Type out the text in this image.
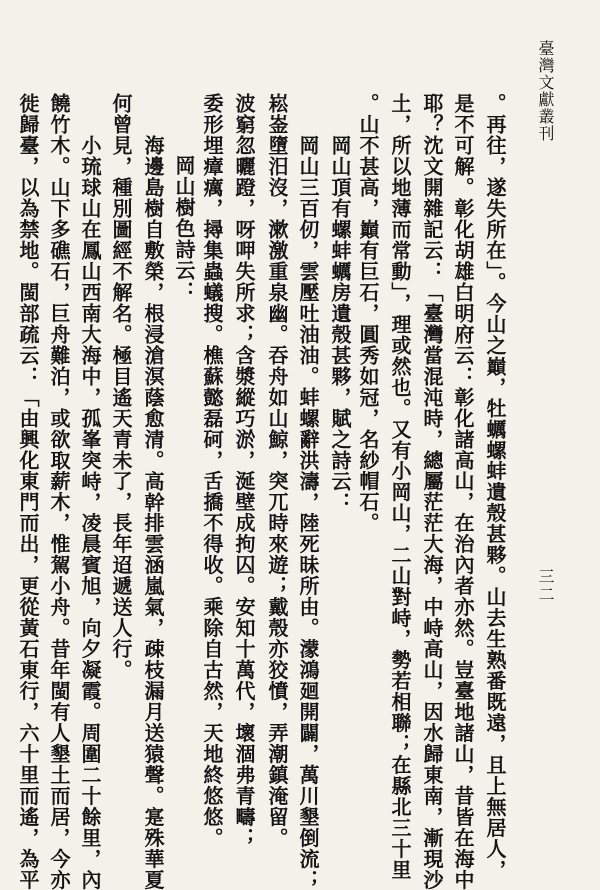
臺灣文獻叢刊
三二
。再往，遂失所在」。今山之巔，牡蠣螺蚌遺殼甚夥。山去生熟番既遠，且上無居人，
是不可解。彰化胡雄白明府云：彰化諸高山，在治內者亦然。豈臺地諸山，昔皆在海中
耶？沈文開雜記云：「臺灣當混沌時，總屬茫茫大海，中峙高山，因水歸東南，漸現沙
土，所以地薄而常動」，理或然也。又有小岡山，二山對峙，勢若相聯；在縣北三十里
。山不甚高，巔有巨石，圓秀如冠，名紗帽石。
岡山頂有螺蚌蠣房遺殼甚夥，賦之詩云：
岡山三百仞，雲壓吐油油。蚌螺辭洪濤，陸死昧所由。濛鴻廻開闢，萬川墾倒流；
崧崟墮汨沒，漱激重泉幽。吞舟如山鯨，突兀時來遊；戴殼亦狡憤，弄潮鎮淹留。
波窮忽曬蹬，呀呷失所求；含漿縱巧淤，涎壁成拘囚。安知十萬代，壞涸弗青疇；
委形埋瘴癘，撏集蟲蟻搜。樵蘇懿磊砢，舌撟不得收。乘除自古然，天地終悠悠。
岡山樹色詩云：
海邊島樹自敷榮，根浸滄溟蔭愈清。高幹排雲涵嵐氣，疎枝漏月送猿聲。寔殊華夏
何曾見，種別圖經不解名。極目遙天青未了，長年迢遞送人行。
小琉球山在鳳山西南大海中，孤峯突峙，凌晨賓旭，向夕凝霞。周圍二十餘里，內
饒竹木。山下多礁石，巨舟難泊，或欲取薪木，惟駕小舟。昔年閩有人墾土而居，今亦
徙歸臺，以為禁地。閩部疏云：「由興化東門而出，更從黃石東行，六十里而遙，為平
